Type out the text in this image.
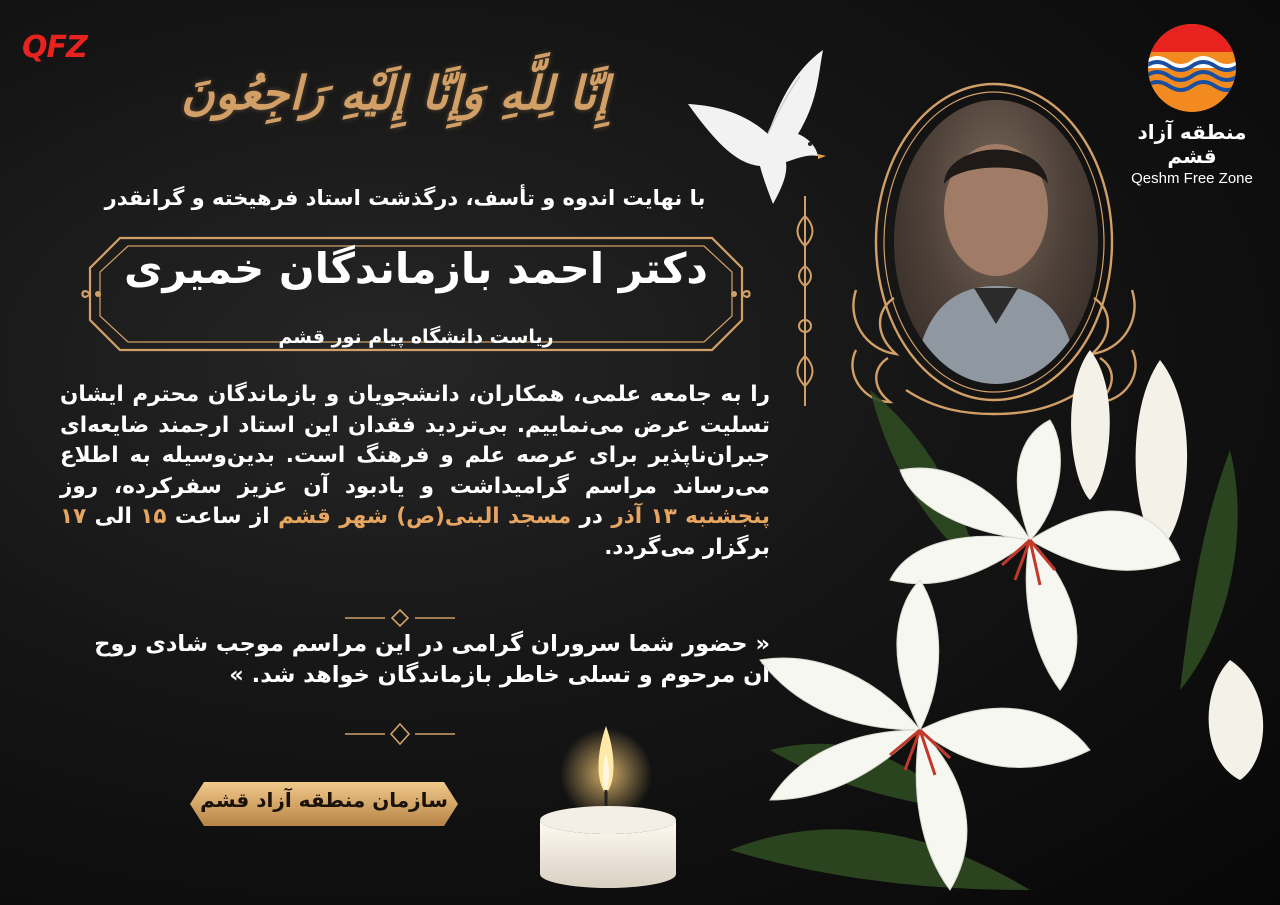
QFZ
منطقه آزاد قشم
Qeshm Free Zone
إِنَّا لِلَّهِ وَإِنَّا إِلَيْهِ رَاجِعُونَ
با نهایت اندوه و تأسف، درگذشت استاد فرهیخته و گرانقدر
دکتر احمد بازماندگان خمیری
ریاست دانشگاه پیام نور قشم
را به جامعه علمی، همکاران، دانشجویان و بازماندگان محترم ایشان تسلیت عرض می‌نماییم. بی‌تردید فقدان این استاد ارجمند ضایعه‌ای جبران‌ناپذیر برای عرصه علم و فرهنگ است. بدین‌وسیله به اطلاع می‌رساند مراسم گرامیداشت و یادبود آن عزیز سفرکرده، روز پنجشنبه ۱۳ آذر در مسجد البنی(ص) شهر قشم از ساعت ۱۵ الی ۱۷ برگزار می‌گردد.
« حضور شما سروران گرامی در این مراسم موجب شادی روح آن مرحوم و تسلی خاطر بازماندگان خواهد شد. »
سازمان منطقه آزاد قشم
